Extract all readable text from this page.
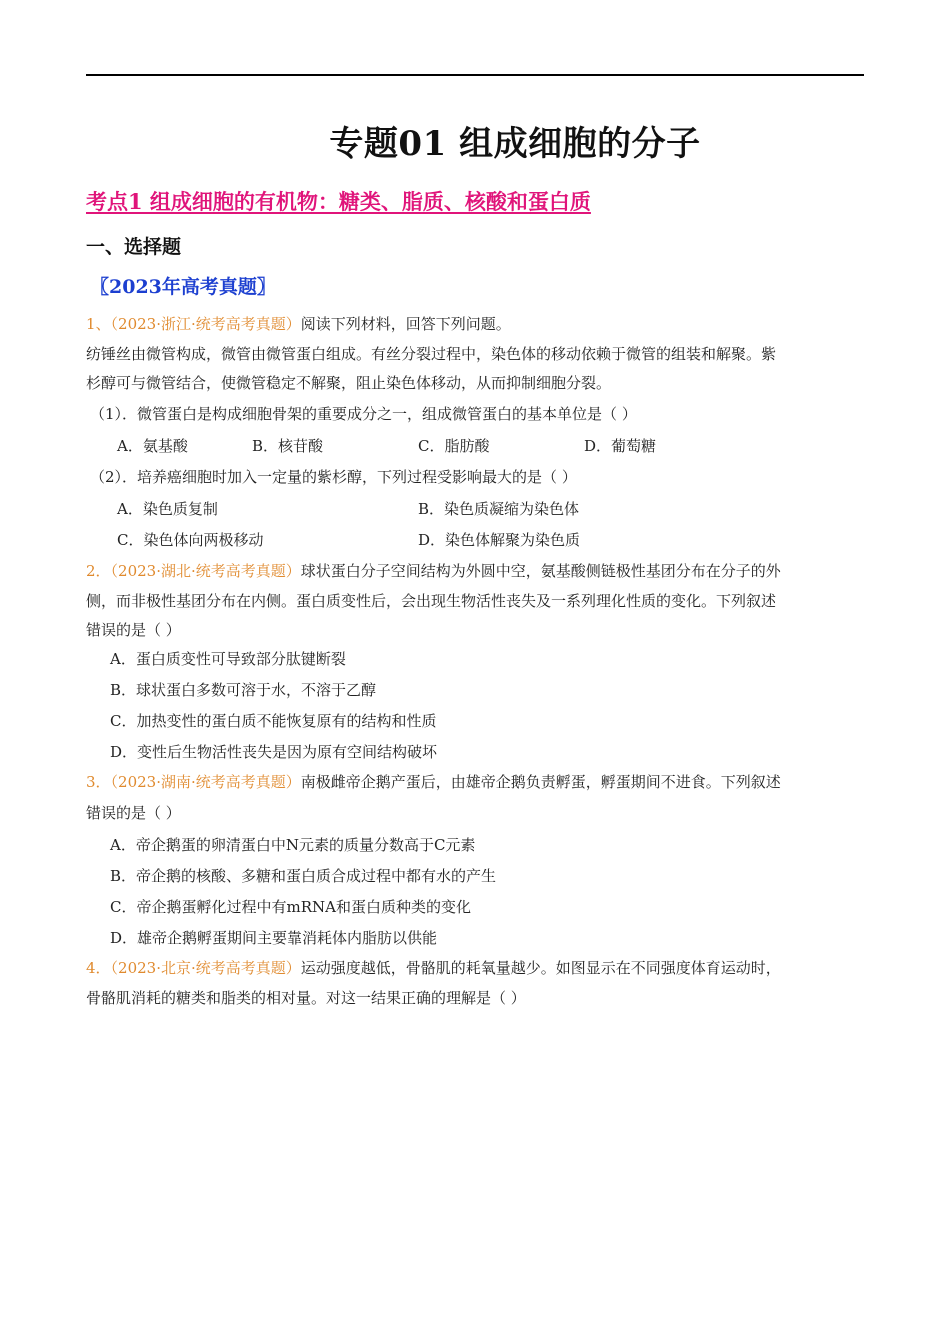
专题01 组成细胞的分子
考点1 组成细胞的有机物：糖类、脂质、核酸和蛋白质
一、选择题
〖2023年高考真题〗
1、（2023·浙江·统考高考真题）阅读下列材料，回答下列问题。
纺锤丝由微管构成，微管由微管蛋白组成。有丝分裂过程中，染色体的移动依赖于微管的组装和解聚。紫
杉醇可与微管结合，使微管稳定不解聚，阻止染色体移动，从而抑制细胞分裂。
（1）．微管蛋白是构成细胞骨架的重要成分之一，组成微管蛋白的基本单位是（ ）
A．氨基酸	B．核苷酸	C．脂肪酸	D．葡萄糖
（2）．培养癌细胞时加入一定量的紫杉醇，下列过程受影响最大的是（ ）
A．染色质复制	B．染色质凝缩为染色体
C．染色体向两极移动	D．染色体解聚为染色质
2．（2023·湖北·统考高考真题）球状蛋白分子空间结构为外圆中空，氨基酸侧链极性基团分布在分子的外
侧，而非极性基团分布在内侧。蛋白质变性后，会出现生物活性丧失及一系列理化性质的变化。下列叙述
错误的是（ ）
A．蛋白质变性可导致部分肽键断裂
B．球状蛋白多数可溶于水，不溶于乙醇
C．加热变性的蛋白质不能恢复原有的结构和性质
D．变性后生物活性丧失是因为原有空间结构破坏
3．（2023·湖南·统考高考真题）南极雌帝企鹅产蛋后，由雄帝企鹅负责孵蛋，孵蛋期间不进食。下列叙述
错误的是（ ）
A．帝企鹅蛋的卵清蛋白中N元素的质量分数高于C元素
B．帝企鹅的核酸、多糖和蛋白质合成过程中都有水的产生
C．帝企鹅蛋孵化过程中有mRNA和蛋白质种类的变化
D．雄帝企鹅孵蛋期间主要靠消耗体内脂肪以供能
4．（2023·北京·统考高考真题）运动强度越低，骨骼肌的耗氧量越少。如图显示在不同强度体育运动时，
骨骼肌消耗的糖类和脂类的相对量。对这一结果正确的理解是（ ）
